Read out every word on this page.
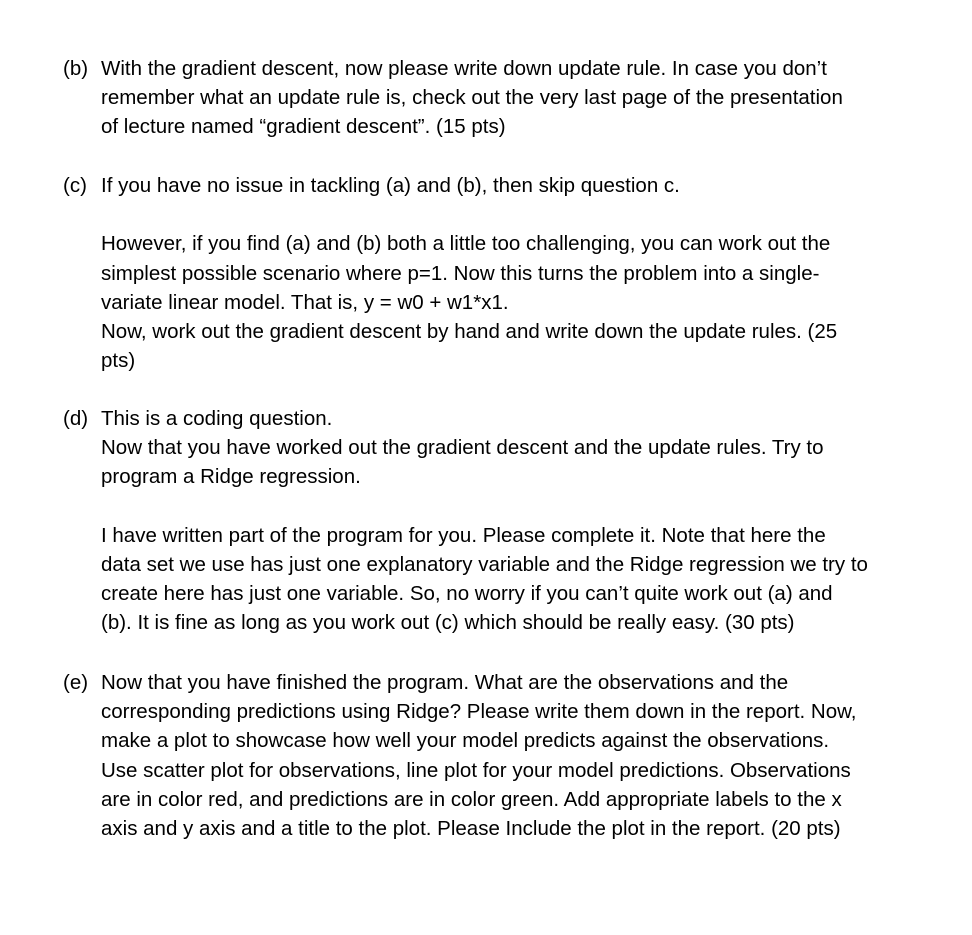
(b) With the gradient descent, now please write down update rule. In case you don’t
remember what an update rule is, check out the very last page of the presentation
of lecture named “gradient descent”. (15 pts)
(c) If you have no issue in tackling (a) and (b), then skip question c.
However, if you find (a) and (b) both a little too challenging, you can work out the
simplest possible scenario where p=1. Now this turns the problem into a single-
variate linear model. That is, y = w0 + w1*x1.
Now, work out the gradient descent by hand and write down the update rules. (25
pts)
(d) This is a coding question.
Now that you have worked out the gradient descent and the update rules. Try to
program a Ridge regression.
I have written part of the program for you. Please complete it. Note that here the
data set we use has just one explanatory variable and the Ridge regression we try to
create here has just one variable. So, no worry if you can’t quite work out (a) and
(b). It is fine as long as you work out (c) which should be really easy. (30 pts)
(e) Now that you have finished the program. What are the observations and the
corresponding predictions using Ridge? Please write them down in the report. Now,
make a plot to showcase how well your model predicts against the observations.
Use scatter plot for observations, line plot for your model predictions. Observations
are in color red, and predictions are in color green. Add appropriate labels to the x
axis and y axis and a title to the plot. Please Include the plot in the report. (20 pts)
